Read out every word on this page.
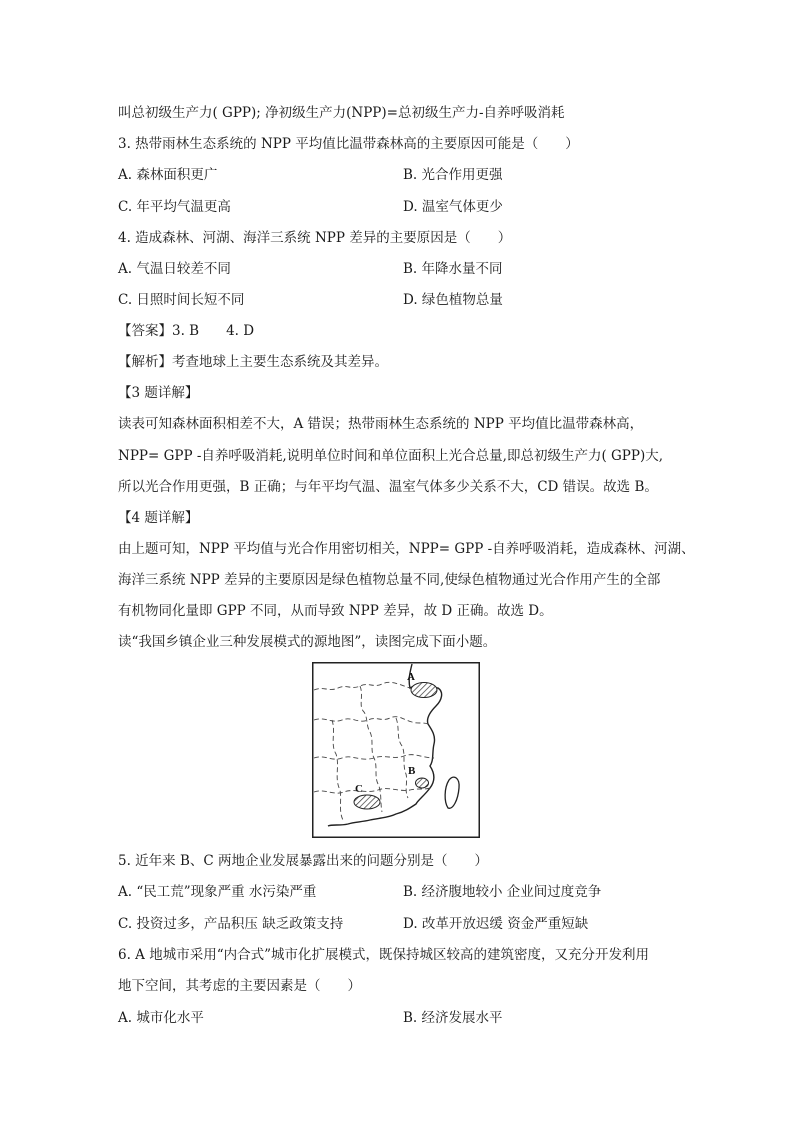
叫总初级生产力( GPP); 净初级生产力(NPP)=总初级生产力-自养呼吸消耗
3. 热带雨林生态系统的 NPP 平均值比温带森林高的主要原因可能是（　　）
A. 森林面积更广	B. 光合作用更强
C. 年平均气温更高	D. 温室气体更少
4. 造成森林、河湖、海洋三系统 NPP 差异的主要原因是（　　）
A. 气温日较差不同	B. 年降水量不同
C. 日照时间长短不同	D. 绿色植物总量
【答案】3. B　　4. D
【解析】考查地球上主要生态系统及其差异。
【3 题详解】
读表可知森林面积相差不大，A 错误；热带雨林生态系统的 NPP 平均值比温带森林高，
NPP= GPP -自养呼吸消耗,说明单位时间和单位面积上光合总量,即总初级生产力( GPP)大,
所以光合作用更强，B 正确；与年平均气温、温室气体多少关系不大，CD 错误。故选 B。
【4 题详解】
由上题可知，NPP 平均值与光合作用密切相关，NPP= GPP -自养呼吸消耗，造成森林、河湖、
海洋三系统 NPP 差异的主要原因是绿色植物总量不同,使绿色植物通过光合作用产生的全部
有机物同化量即 GPP 不同，从而导致 NPP 差异，故 D 正确。故选 D。
读“我国乡镇企业三种发展模式的源地图”，读图完成下面小题。
A
B
C
5. 近年来 B、C 两地企业发展暴露出来的问题分别是（　　）
A. “民工荒”现象严重 水污染严重	B. 经济腹地较小 企业间过度竞争
C. 投资过多，产品积压 缺乏政策支持	D. 改革开放迟缓 资金严重短缺
6. A 地城市采用“内合式”城市化扩展模式，既保持城区较高的建筑密度，又充分开发利用
地下空间，其考虑的主要因素是（　　）
A. 城市化水平	B. 经济发展水平
